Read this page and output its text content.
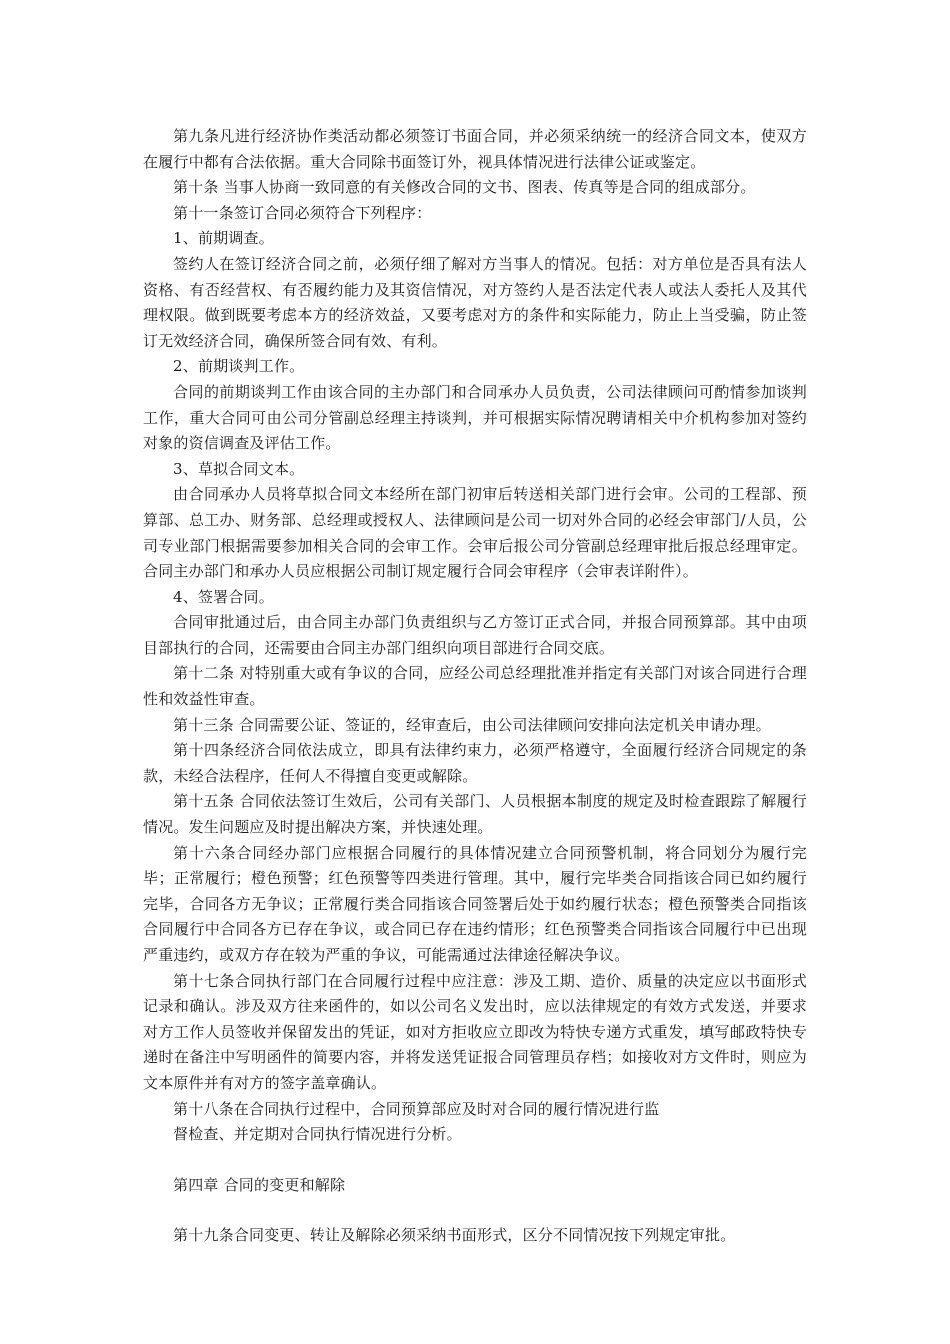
第九条凡进行经济协作类活动都必须签订书面合同，并必须采纳统一的经济合同文本，使双方在履行中都有合法依据。重大合同除书面签订外，视具体情况进行法律公证或鉴定。

第十条 当事人协商一致同意的有关修改合同的文书、图表、传真等是合同的组成部分。

第十一条签订合同必须符合下列程序：

1、前期调查。

签约人在签订经济合同之前，必须仔细了解对方当事人的情况。包括：对方单位是否具有法人资格、有否经营权、有否履约能力及其资信情况，对方签约人是否法定代表人或法人委托人及其代理权限。做到既要考虑本方的经济效益，又要考虑对方的条件和实际能力，防止上当受骗，防止签订无效经济合同，确保所签合同有效、有利。

2、前期谈判工作。

合同的前期谈判工作由该合同的主办部门和合同承办人员负责，公司法律顾问可酌情参加谈判工作，重大合同可由公司分管副总经理主持谈判，并可根据实际情况聘请相关中介机构参加对签约对象的资信调查及评估工作。

3、草拟合同文本。

由合同承办人员将草拟合同文本经所在部门初审后转送相关部门进行会审。公司的工程部、预算部、总工办、财务部、总经理或授权人、法律顾问是公司一切对外合同的必经会审部门/人员，公司专业部门根据需要参加相关合同的会审工作。会审后报公司分管副总经理审批后报总经理审定。合同主办部门和承办人员应根据公司制订规定履行合同会审程序（会审表详附件）。

4、签署合同。

合同审批通过后，由合同主办部门负责组织与乙方签订正式合同，并报合同预算部。其中由项目部执行的合同，还需要由合同主办部门组织向项目部进行合同交底。

第十二条 对特别重大或有争议的合同，应经公司总经理批准并指定有关部门对该合同进行合理性和效益性审查。

第十三条 合同需要公证、签证的，经审查后，由公司法律顾问安排向法定机关申请办理。

第十四条经济合同依法成立，即具有法律约束力，必须严格遵守，全面履行经济合同规定的条款，未经合法程序，任何人不得擅自变更或解除。

第十五条 合同依法签订生效后，公司有关部门、人员根据本制度的规定及时检查跟踪了解履行情况。发生问题应及时提出解决方案，并快速处理。

第十六条合同经办部门应根据合同履行的具体情况建立合同预警机制，将合同划分为履行完毕；正常履行；橙色预警；红色预警等四类进行管理。其中，履行完毕类合同指该合同已如约履行完毕，合同各方无争议；正常履行类合同指该合同签署后处于如约履行状态；橙色预警类合同指该合同履行中合同各方已存在争议，或合同已存在违约情形；红色预警类合同指该合同履行中已出现严重违约，或双方存在较为严重的争议，可能需通过法律途径解决争议。

第十七条合同执行部门在合同履行过程中应注意：涉及工期、造价、质量的决定应以书面形式记录和确认。涉及双方往来函件的，如以公司名义发出时，应以法律规定的有效方式发送，并要求对方工作人员签收并保留发出的凭证，如对方拒收应立即改为特快专递方式重发，填写邮政特快专递时在备注中写明函件的简要内容，并将发送凭证报合同管理员存档；如接收对方文件时，则应为文本原件并有对方的签字盖章确认。

第十八条在合同执行过程中，合同预算部应及时对合同的履行情况进行监

督检查、并定期对合同执行情况进行分析。

第四章 合同的变更和解除

第十九条合同变更、转让及解除必须采纳书面形式，区分不同情况按下列规定审批。
